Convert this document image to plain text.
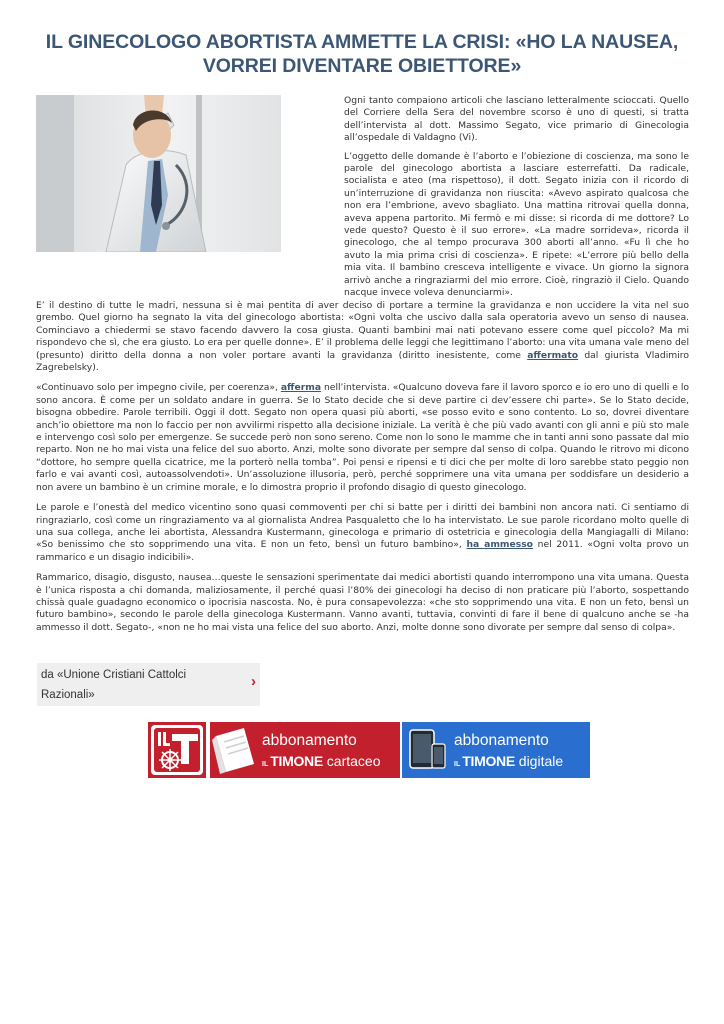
IL GINECOLOGO ABORTISTA AMMETTE LA CRISI: «HO LA NAUSEA, VORREI DIVENTARE OBIETTORE»

Ogni tanto compaiono articoli che lasciano letteralmente scioccati. Quello del Corriere della Sera del novembre scorso è uno di questi, si tratta dell’intervista al dott. Massimo Segato, vice primario di Ginecologia all’ospedale di Valdagno (Vi).

L’oggetto delle domande è l’aborto e l’obiezione di coscienza, ma sono le parole del ginecologo abortista a lasciare esterrefatti. Da radicale, socialista e ateo (ma rispettoso), il dott. Segato inizia con il ricordo di un’interruzione di gravidanza non riuscita: «Avevo aspirato qualcosa che non era l’embrione, avevo sbagliato. Una mattina ritrovai quella donna, aveva appena partorito. Mi fermò e mi disse: si ricorda di me dottore? Lo vede questo? Questo è il suo errore». «La madre sorrideva», ricorda il ginecologo, che al tempo procurava 300 aborti all’anno. «Fu lì che ho avuto la mia prima crisi di coscienza». E ripete: «L’errore più bello della mia vita. Il bambino cresceva intelligente e vivace. Un giorno la signora arrivò anche a ringraziarmi del mio errore. Cioè, ringraziò il Cielo. Quando nacque invece voleva denunciarmi».

E’ il destino di tutte le madri, nessuna si è mai pentita di aver deciso di portare a termine la gravidanza e non uccidere la vita nel suo grembo. Quel giorno ha segnato la vita del ginecologo abortista: «Ogni volta che uscivo dalla sala operatoria avevo un senso di nausea. Cominciavo a chiedermi se stavo facendo davvero la cosa giusta. Quanti bambini mai nati potevano essere come quel piccolo? Ma mi rispondevo che sì, che era giusto. Lo era per quelle donne». E’ il problema delle leggi che legittimano l’aborto: una vita umana vale meno del (presunto) diritto della donna a non voler portare avanti la gravidanza (diritto inesistente, come affermato dal giurista Vladimiro Zagrebelsky).

«Continuavo solo per impegno civile, per coerenza», afferma nell’intervista. «Qualcuno doveva fare il lavoro sporco e io ero uno di quelli e lo sono ancora. È come per un soldato andare in guerra. Se lo Stato decide che si deve partire ci dev’essere chi parte». Se lo Stato decide, bisogna obbedire. Parole terribili. Oggi il dott. Segato non opera quasi più aborti, «se posso evito e sono contento. Lo so, dovrei diventare anch’io obiettore ma non lo faccio per non avvilirmi rispetto alla decisione iniziale. La verità è che più vado avanti con gli anni e più sto male e intervengo così solo per emergenze. Se succede però non sono sereno. Come non lo sono le mamme che in tanti anni sono passate dal mio reparto. Non ne ho mai vista una felice del suo aborto. Anzi, molte sono divorate per sempre dal senso di colpa. Quando le ritrovo mi dicono “dottore, ho sempre quella cicatrice, me la porterò nella tomba”. Poi pensi e ripensi e ti dici che per molte di loro sarebbe stato peggio non farlo e vai avanti così, autoassolvendoti». Un’assoluzione illusoria, però, perché sopprimere una vita umana per soddisfare un desiderio a non avere un bambino è un crimine morale, e lo dimostra proprio il profondo disagio di questo ginecologo.

Le parole e l’onestà del medico vicentino sono quasi commoventi per chi si batte per i diritti dei bambini non ancora nati. Ci sentiamo di ringraziarlo, così come un ringraziamento va al giornalista Andrea Pasqualetto che lo ha intervistato. Le sue parole ricordano molto quelle di una sua collega, anche lei abortista, Alessandra Kustermann, ginecologa e primario di ostetricia e ginecologia della Mangiagalli di Milano: «So benissimo che sto sopprimendo una vita. E non un feto, bensì un futuro bambino», ha ammesso nel 2011. «Ogni volta provo un rammarico e un disagio indicibili».

Rammarico, disagio, disgusto, nausea…queste le sensazioni sperimentate dai medici abortisti quando interrompono una vita umana. Questa è l’unica risposta a chi domanda, maliziosamente, il perché quasi l’80% dei ginecologi ha deciso di non praticare più l’aborto, sospettando chissà quale guadagno economico o ipocrisia nascosta. No, è pura consapevolezza: «che sto sopprimendo una vita. E non un feto, bensì un futuro bambino», secondo le parole della ginecologa Kustermann. Vanno avanti, tuttavia, convinti di fare il bene di qualcuno anche se -ha ammesso il dott. Segato-, «non ne ho mai vista una felice del suo aborto. Anzi, molte donne sono divorate per sempre dal senso di colpa».

da «Unione Cristiani Cattolci Razionali»
›
abbonamento
IL TIMONE cartaceo
abbonamento
IL TIMONE digitale
